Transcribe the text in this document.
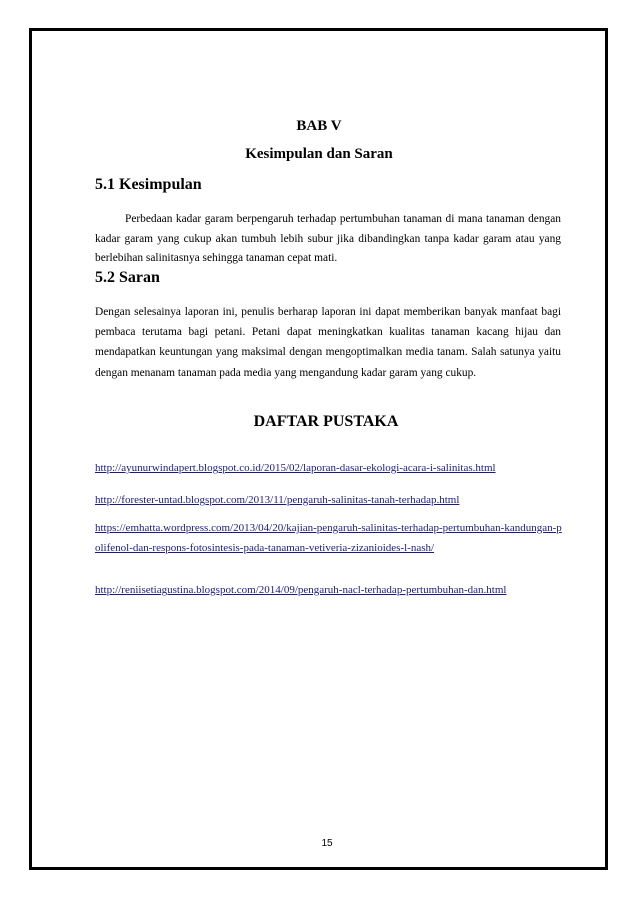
BAB V
Kesimpulan dan Saran
5.1 Kesimpulan
Perbedaan kadar garam berpengaruh terhadap pertumbuhan tanaman di mana tanaman dengan kadar garam yang cukup akan tumbuh lebih subur jika dibandingkan tanpa kadar garam atau yang berlebihan salinitasnya sehingga tanaman cepat mati.
5.2 Saran
Dengan selesainya laporan ini, penulis berharap laporan ini dapat memberikan banyak manfaat bagi pembaca terutama bagi petani. Petani dapat meningkatkan kualitas tanaman kacang hijau dan mendapatkan keuntungan yang maksimal dengan mengoptimalkan media tanam. Salah satunya yaitu dengan menanam tanaman pada media yang mengandung kadar garam yang cukup.
DAFTAR PUSTAKA
http://ayunurwindapert.blogspot.co.id/2015/02/laporan-dasar-ekologi-acara-i-salinitas.html
http://forester-untad.blogspot.com/2013/11/pengaruh-salinitas-tanah-terhadap.html
https://emhatta.wordpress.com/2013/04/20/kajian-pengaruh-salinitas-terhadap-pertumbuhan-kandungan-polifenol-dan-respons-fotosintesis-pada-tanaman-vetiveria-zizanioides-l-nash/
http://reniisetiagustina.blogspot.com/2014/09/pengaruh-nacl-terhadap-pertumbuhan-dan.html
15
